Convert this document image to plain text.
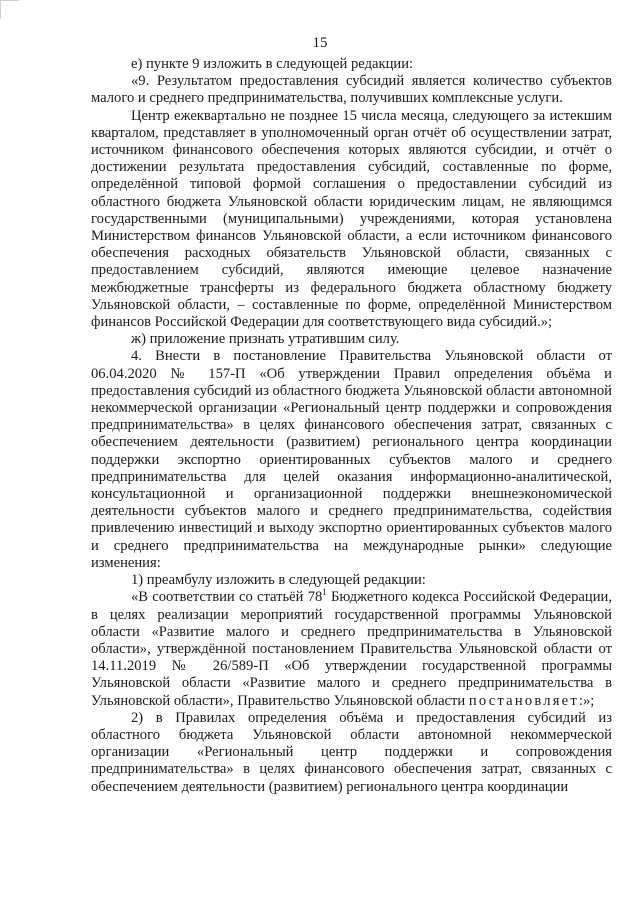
15

е) пункте 9 изложить в следующей редакции:

«9. Результатом предоставления субсидий является количество субъектов малого и среднего предпринимательства, получивших комплексные услуги.

Центр ежеквартально не позднее 15 числа месяца, следующего за истекшим кварталом, представляет в уполномоченный орган отчёт об осуществлении затрат, источником финансового обеспечения которых являются субсидии, и отчёт о достижении результата предоставления субсидий, составленные по форме, определённой типовой формой соглашения о предоставлении субсидий из областного бюджета Ульяновской области юридическим лицам, не являющимся государственными (муниципальными) учреждениями, которая установлена Министерством финансов Ульяновской области, а если источником финансового обеспечения расходных обязательств Ульяновской области, связанных с предоставлением субсидий, являются имеющие целевое назначение межбюджетные трансферты из федерального бюджета областному бюджету Ульяновской области, – составленные по форме, определённой Министерством финансов Российской Федерации для соответствующего вида субсидий.»;

ж) приложение признать утратившим силу.

4. Внести в постановление Правительства Ульяновской области от 06.04.2020 № 157-П «Об утверждении Правил определения объёма и предоставления субсидий из областного бюджета Ульяновской области автономной некоммерческой организации «Региональный центр поддержки и сопровождения предпринимательства» в целях финансового обеспечения затрат, связанных с обеспечением деятельности (развитием) регионального центра координации поддержки экспортно ориентированных субъектов малого и среднего предпринимательства для целей оказания информационно-аналитической, консультационной и организационной поддержки внешнеэкономической деятельности субъектов малого и среднего предпринимательства, содействия привлечению инвестиций и выходу экспортно ориентированных субъектов малого и среднего предпринимательства на международные рынки» следующие изменения:

1) преамбулу изложить в следующей редакции:

«В соответствии со статьёй $78^1$ Бюджетного кодекса Российской Федерации, в целях реализации мероприятий государственной программы Ульяновской области «Развитие малого и среднего предпринимательства в Ульяновской области», утверждённой постановлением Правительства Ульяновской области от 14.11.2019 № 26/589-П «Об утверждении государственной программы Ульяновской области «Развитие малого и среднего предпринимательства в Ульяновской области», Правительство Ульяновской области постановляет:»;

2) в Правилах определения объёма и предоставления субсидий из областного бюджета Ульяновской области автономной некоммерческой организации «Региональный центр поддержки и сопровождения предпринимательства» в целях финансового обеспечения затрат, связанных с обеспечением деятельности (развитием) регионального центра координации
